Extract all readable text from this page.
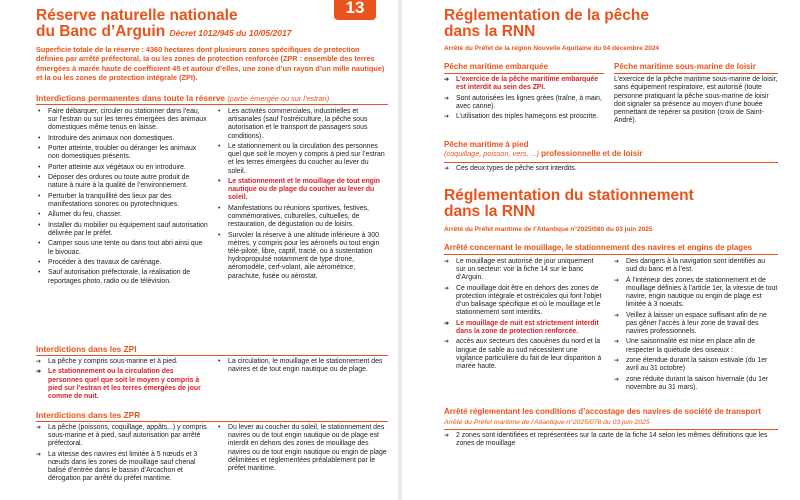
Réserve naturelle nationale
du Banc d’Arguin Décret 1012/945 du 10/05/2017
Superficie totale de la réserve : 4360 hectares dont plusieurs zones spécifiques de protection définies par arrêté préfectoral, la ou les zones de protection renforcée (ZPR : ensemble des terres émergées à marée haute de coefficient 45 et autour d’elles, une zone d’un rayon d’un mille nautique) et la ou les zones de protection intégrale (ZPI).
Interdictions permanentes dans toute la réserve (partie émergée ou sur l’estran)
• Faire débarquer, circuler ou stationner dans l’eau, sur l’estran ou sur les terres émergées des animaux domestiques même tenus en laisse.
• Introduire des animaux non domestiques.
• Porter atteinte, troubler ou déranger les animaux non domestiques présents.
• Porter atteinte aux végétaux ou en introduire.
• Déposer des ordures ou toute autre produit de nature à nuire à la qualité de l’environnement.
• Perturber la tranquillité des lieux par des manifestations sonores ou pyrotechniques.
• Allumer du feu, chasser.
• Installer du mobilier ou équipement sauf autorisation délivrée par le préfet.
• Camper sous une tente ou dans tout abri ainsi que le bivouac.
• Procéder à des travaux de carénage.
• Sauf autorisation préfectorale, la réalisation de reportages photo, radio ou de télévision.
• Les activités commerciales, industrielles et artisanales (sauf l’ostréiculture, la pêche sous autorisation et le transport de passagers sous conditions).
• Le stationnement ou la circulation des personnes quel que soit le moyen y compris à pied sur l’estran et les terres émergées du coucher au lever du soleil.
• Le stationnement et le mouillage de tout engin nautique ou de plage du coucher au lever du soleil.
• Manifestations ou réunions sportives, festives, commémoratives, culturelles, cultuelles, de restauration, de dégustation ou de loisirs.
• Survoler la réserve à une altitude inférieure à 300 mètres, y compris pour les aéronefs ou tout engin télé-piloté, libre, captif, tracté, ou à sustentation hydropropulsé notamment de type drone, aéromodèle, cerf-volant, aile aérométrice, parachute, fusée ou aérostat.
Interdictions dans les ZPI
➔ La pêche y compris sous-marine et à pied.
➔ Le stationnement ou la circulation des personnes quel que soit le moyen y compris à pied sur l’estran et les terres émergées de jour comme de nuit.
• La circulation, le mouillage et le stationnement des navires et de tout engin nautique ou de plage.
Interdictions dans les ZPR
➔ La pêche (poissons, coquillage, appâts...) y compris sous-marine et à pied, sauf autorisation par arrêté préfectoral.
➔ La vitesse des navires est limitée à 5 nœuds et 3 nœuds dans les zones de mouillage sauf chenal balisé d’entrée dans le bassin d’Arcachon et dérogation par arrêté du préfet maritime.
• Du lever au coucher du soleil, le stationnement des navires ou de tout engin nautique ou de plage est interdit en dehors des zones de mouillage des navires ou de tout engin nautique ou engin de plage délimitées et réglementées préalablement par le préfet maritime.
13	Réglementation de la pêche
dans la RNN
Arrêté du Préfet de la région Nouvelle Aquitaine du 04 décembre 2024
Pêche maritime embarquée
➔ L’exercice de la pêche maritime embarquée est interdit au sein des ZPI.
➔ Sont autorisées les lignes grées (traîne, à main, avec canne).
➔ L’utilisation des triples hameçons est proscrite.
Pêche maritime sous-marine de loisir
L’exercice de la pêche maritime sous-marine de loisir, sans équipement respiratoire, est autorisé (toute personne pratiquant la pêche sous-marine de loisir doit signaler sa présence au moyen d’une bouée permettant de repérer sa position (croix de Saint-André).
Pêche maritime à pied
(coquillage, poisson, vers, ...) professionnelle et de loisir
➔ Ces deux types de pêche sont interdits.
Réglementation du stationnement
dans la RNN
Arrêté du Préfet maritime de l’Atlantique n°2025/080 du 03 juin 2025
Arrêté concernant le mouillage, le stationnement des navires et engins de plages
➔ Le mouillage est autorisé de jour uniquement sur un secteur: voir la fiche 14 sur le banc d’Arguin.
➔ Ce mouillage doit être en dehors des zones de protection intégrale et ostréicoles qui font l’objet d’un balisage spécifique et où le mouillage et le stationnement sont interdits.
➔ Le mouillage de nuit est strictement interdit dans la zone de protection renforcée.
➔ accès aux secteurs des caouènes du nord et la langue de sable au sud nécessitent une vigilance particulière du fait de leur disparition à marée haute.
➔ Des dangers à la navigation sont identifiés au sud du banc et à l’est.
➔ À l’intérieur des zones de stationnement et de mouillage définies à l’article 1er, la vitesse de tout navire, engin nautique ou engin de plage est limitée à 3 noeuds.
➔ Veillez à laisser un espace suffisant afin de ne pas gêner l’accès à leur zone de travail des navires professionnels.
➔ Une saisonnalité est mise en place afin de respecter la quiétude des oiseaux :
➔ zone étendue durant la saison estivale (du 1er avril au 31 octobre)
➔ zone réduite durant la saison hivernale (du 1er novembre au 31 mars).
Arrêté réglementant les conditions d’accostage des navires de société de transport
Arrêté du Préfet maritime de l’Atlantique n°2025/078 du 03 juin 2025
➔ 2 zones sont identifiées et représentées sur la carte de la fiche 14 selon les mêmes définitions que les zones de mouillage
